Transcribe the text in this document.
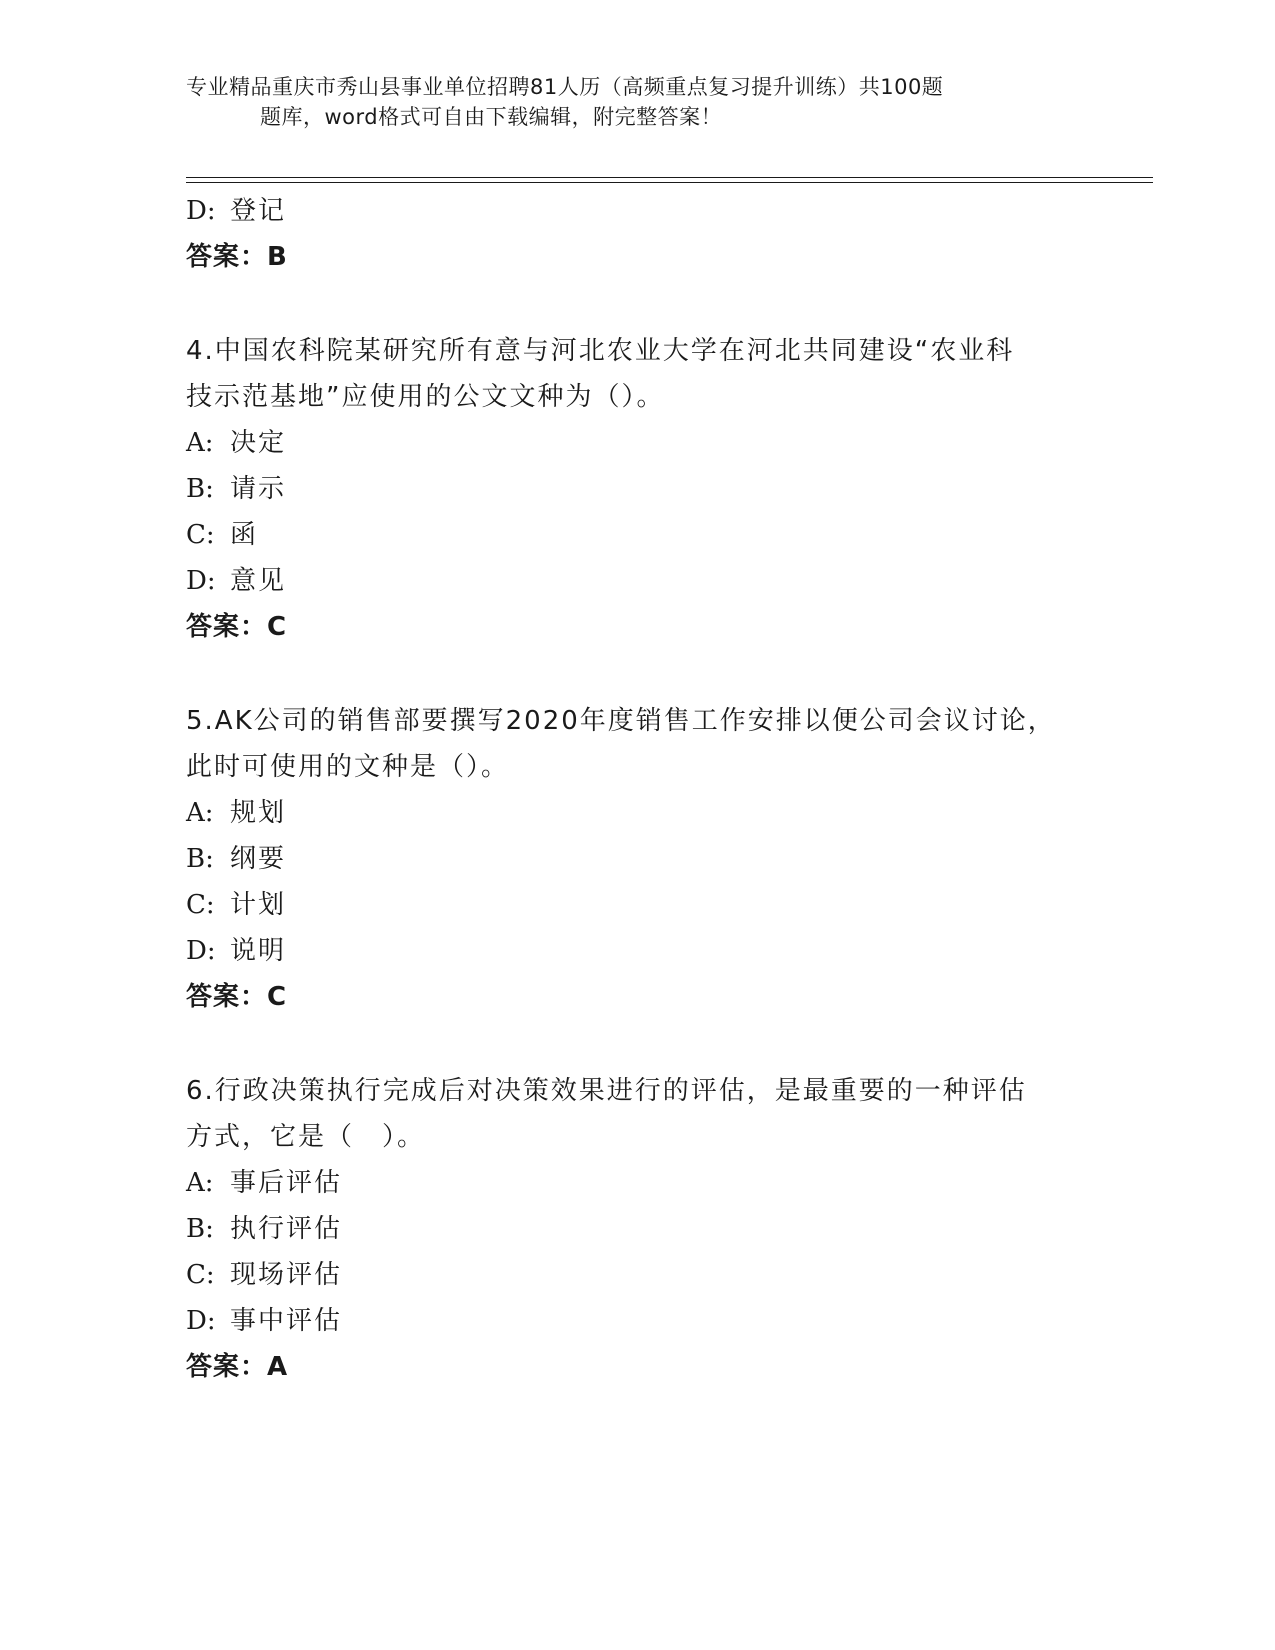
专业精品重庆市秀山县事业单位招聘81人历（高频重点复习提升训练）共100题
题库，word格式可自由下载编辑，附完整答案！
D: 登记
答案：B
4.中国农科院某研究所有意与河北农业大学在河北共同建设“农业科
技示范基地”应使用的公文文种为（）。
A: 决定
B: 请示
C: 函
D: 意见
答案：C
5.AK公司的销售部要撰写2020年度销售工作安排以便公司会议讨论，
此时可使用的文种是（）。
A: 规划
B: 纲要
C: 计划
D: 说明
答案：C
6.行政决策执行完成后对决策效果进行的评估，是最重要的一种评估
方式，它是（　）。
A: 事后评估
B: 执行评估
C: 现场评估
D: 事中评估
答案：A
